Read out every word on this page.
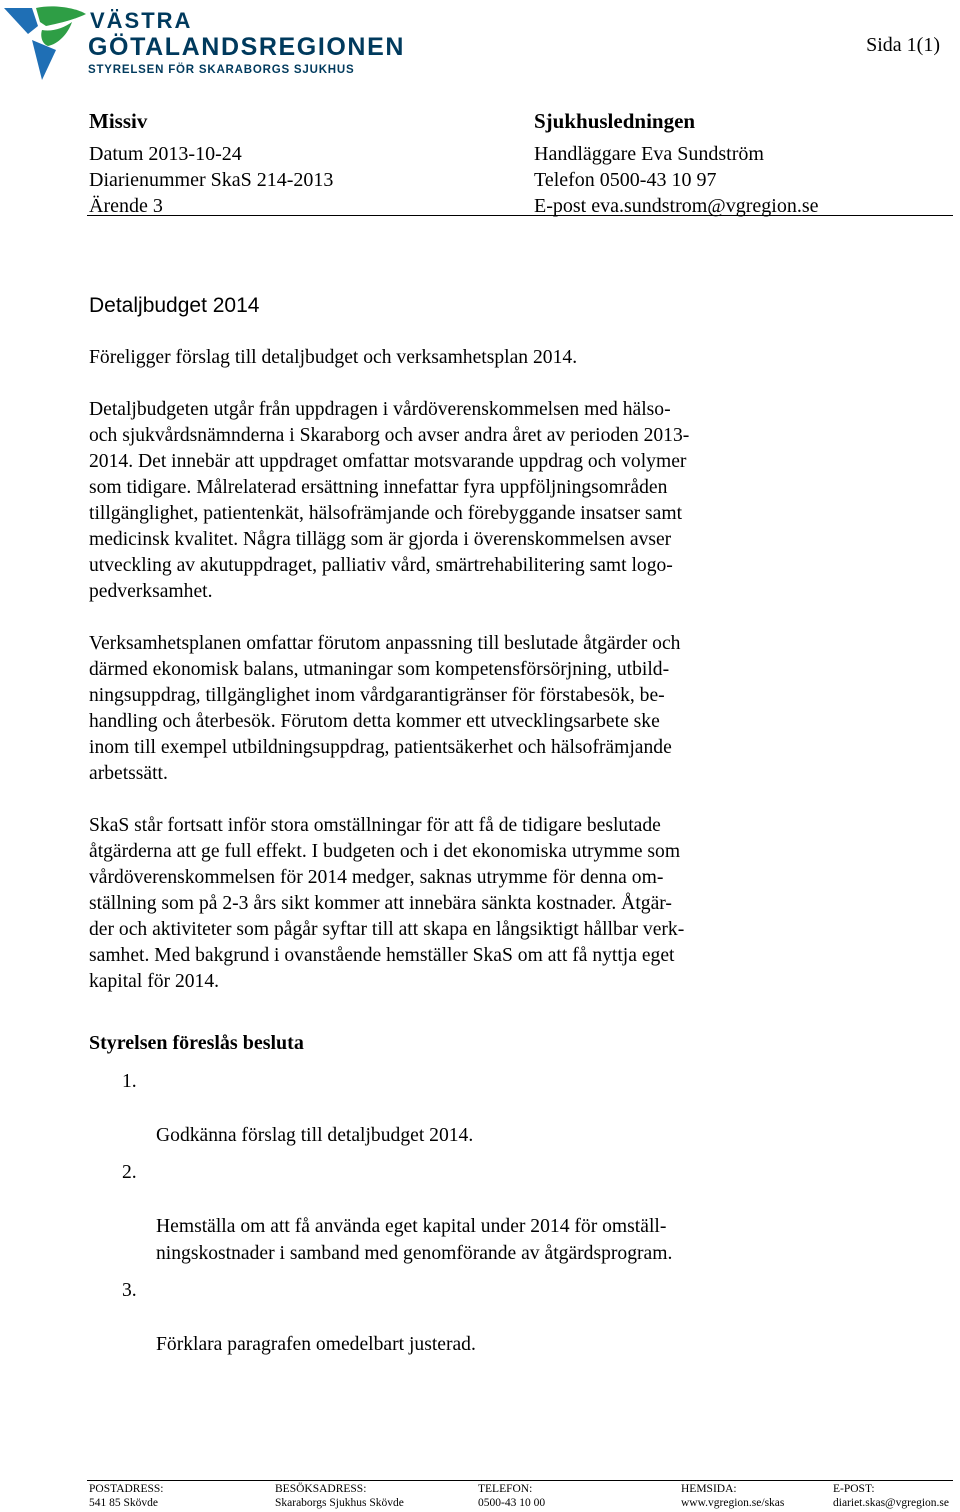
VÄSTRA
GÖTALANDSREGIONEN
STYRELSEN FÖR SKARABORGS SJUKHUS
Sida 1(1)
Missiv
Datum 2013-10-24
Diarienummer SkaS 214-2013
Ärende 3
Sjukhusledningen
Handläggare Eva Sundström
Telefon 0500-43 10 97
E-post eva.sundstrom@vgregion.se
Detaljbudget 2014

Föreligger förslag till detaljbudget och verksamhetsplan 2014.

Detaljbudgeten utgår från uppdragen i vårdöverenskommelsen med hälso-
och sjukvårdsnämnderna i Skaraborg och avser andra året av perioden 2013-
2014. Det innebär att uppdraget omfattar motsvarande uppdrag och volymer
som tidigare. Målrelaterad ersättning innefattar fyra uppföljningsområden
tillgänglighet, patientenkät, hälsofrämjande och förebyggande insatser samt
medicinsk kvalitet. Några tillägg som är gjorda i överenskommelsen avser
utveckling av akutuppdraget, palliativ vård, smärtrehabilitering samt logo-
pedverksamhet.

Verksamhetsplanen omfattar förutom anpassning till beslutade åtgärder och
därmed ekonomisk balans, utmaningar som kompetensförsörjning, utbild-
ningsuppdrag, tillgänglighet inom vårdgarantigränser för förstabesök, be-
handling och återbesök. Förutom detta kommer ett utvecklingsarbete ske
inom till exempel utbildningsuppdrag, patientsäkerhet och hälsofrämjande
arbetssätt.

SkaS står fortsatt inför stora omställningar för att få de tidigare beslutade
åtgärderna att ge full effekt. I budgeten och i det ekonomiska utrymme som
vårdöverenskommelsen för 2014 medger, saknas utrymme för denna om-
ställning som på 2-3 års sikt kommer att innebära sänkta kostnader. Åtgär-
der och aktiviteter som pågår syftar till att skapa en långsiktigt hållbar verk-
samhet. Med bakgrund i ovanstående hemställer SkaS om att få nyttja eget
kapital för 2014.

Styrelsen föreslås besluta

1.

Godkänna förslag till detaljbudget 2014.

2.

Hemställa om att få använda eget kapital under 2014 för omställ-
ningskostnader i samband med genomförande av åtgärdsprogram.

3.

Förklara paragrafen omedelbart justerad.

POSTADRESS:
541 85 Skövde
BESÖKSADRESS:
Skaraborgs Sjukhus Skövde
TELEFON:
0500-43 10 00
HEMSIDA:
www.vgregion.se/skas
E-POST:
diariet.skas@vgregion.se
